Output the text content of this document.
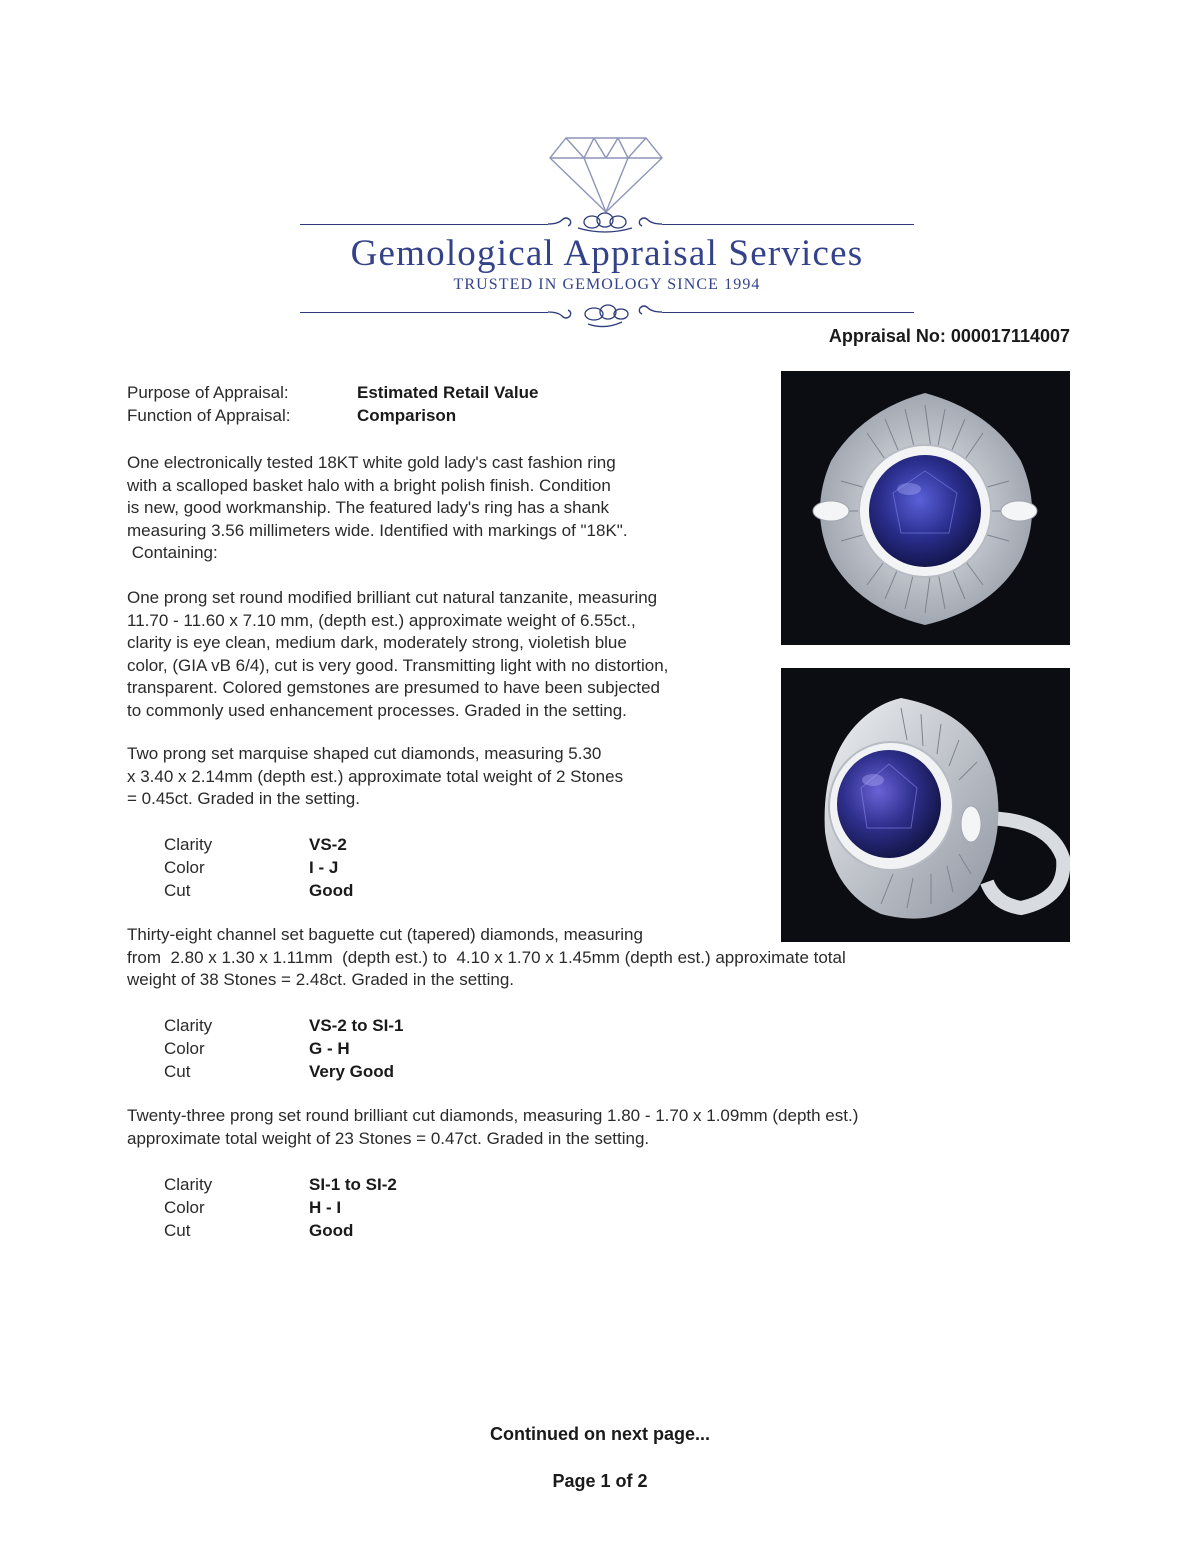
Gemological Appraisal Services
TRUSTED IN GEMOLOGY SINCE 1994
Appraisal No: 000017114007
Purpose of Appraisal:	Estimated Retail Value
Function of Appraisal:	Comparison
One electronically tested 18KT white gold lady's cast fashion ring
with a scalloped basket halo with a bright polish finish. Condition
is new, good workmanship. The featured lady's ring has a shank
measuring 3.56 millimeters wide. Identified with markings of "18K".
Containing:
One prong set round modified brilliant cut natural tanzanite, measuring
11.70 - 11.60 x 7.10 mm, (depth est.) approximate weight of 6.55ct.,
clarity is eye clean, medium dark, moderately strong, violetish blue
color, (GIA vB 6/4), cut is very good. Transmitting light with no distortion,
transparent. Colored gemstones are presumed to have been subjected
to commonly used enhancement processes. Graded in the setting.
Two prong set marquise shaped cut diamonds, measuring 5.30
x 3.40 x 2.14mm (depth est.) approximate total weight of 2 Stones
= 0.45ct. Graded in the setting.
Clarity	VS-2
Color	I - J
Cut	Good
Thirty-eight channel set baguette cut (tapered) diamonds, measuring
from  2.80 x 1.30 x 1.11mm  (depth est.) to  4.10 x 1.70 x 1.45mm (depth est.) approximate total
weight of 38 Stones = 2.48ct. Graded in the setting.
Clarity	VS-2 to SI-1
Color	G - H
Cut	Very Good
Twenty-three prong set round brilliant cut diamonds, measuring 1.80 - 1.70 x 1.09mm (depth est.)
approximate total weight of 23 Stones = 0.47ct. Graded in the setting.
Clarity	SI-1 to SI-2
Color	H - I
Cut	Good
Continued on next page...
Page 1 of 2
